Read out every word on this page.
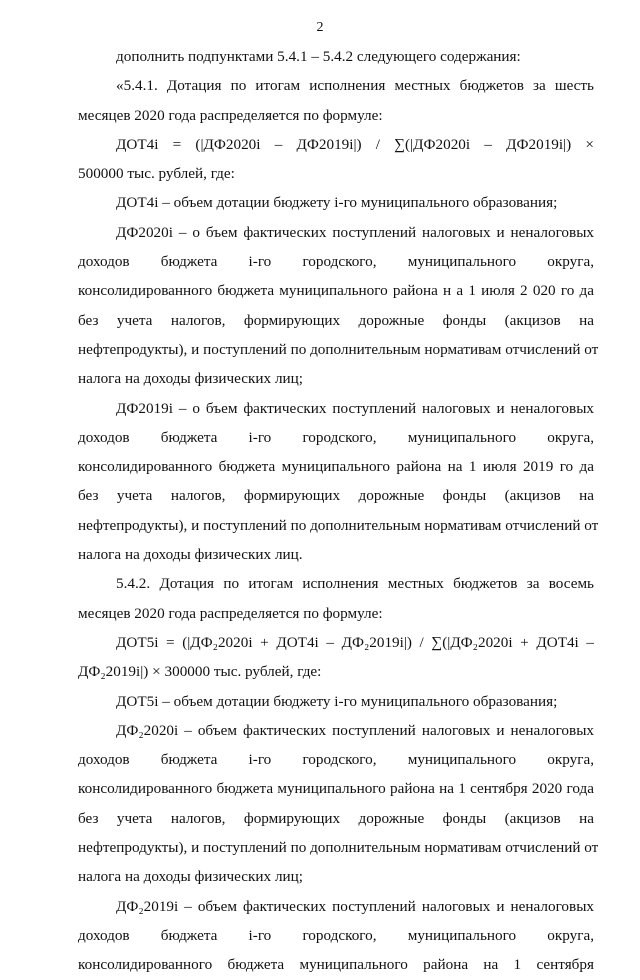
2
дополнить подпунктами 5.4.1 – 5.4.2 следующего содержания:
«5.4.1. Дотация по итогам исполнения местных бюджетов за шесть
месяцев 2020 года распределяется по формуле:
ДОТ4i = (|ДФ2020i – ДФ2019i|) / ∑(|ДФ2020i – ДФ2019i|) ×
500000 тыс. рублей, где:
ДОТ4i – объем дотации бюджету i-го муниципального образования;
ДФ2020i – о бъем фактических поступлений налоговых и неналоговых
доходов бюджета i-го городского, муниципального округа,
консолидированного бюджета муниципального района н а 1 июля 2 020 го да
без учета налогов, формирующих дорожные фонды (акцизов на
нефтепродукты), и поступлений по дополнительным нормативам отчислений от
налога на доходы физических лиц;
ДФ2019i – о бъем фактических поступлений налоговых и неналоговых
доходов бюджета i-го городского, муниципального округа,
консолидированного бюджета муниципального района на 1 июля 2019 го да
без учета налогов, формирующих дорожные фонды (акцизов на
нефтепродукты), и поступлений по дополнительным нормативам отчислений от
налога на доходы физических лиц.
5.4.2. Дотация по итогам исполнения местных бюджетов за восемь
месяцев 2020 года распределяется по формуле:
ДОТ5i = (|ДФ₂2020i + ДОТ4i – ДФ₂2019i|) / ∑(|ДФ₂2020i + ДОТ4i –
ДФ₂2019i|) × 300000 тыс. рублей, где:
ДОТ5i – объем дотации бюджету i-го муниципального образования;
ДФ₂2020i – объем фактических поступлений налоговых и неналоговых
доходов бюджета i-го городского, муниципального округа,
консолидированного бюджета муниципального района на 1 сентября 2020 года
без учета налогов, формирующих дорожные фонды (акцизов на
нефтепродукты), и поступлений по дополнительным нормативам отчислений от
налога на доходы физических лиц;
ДФ₂2019i – объем фактических поступлений налоговых и неналоговых
доходов бюджета i-го городского, муниципального округа,
консолидированного бюджета муниципального района на 1 сентября
